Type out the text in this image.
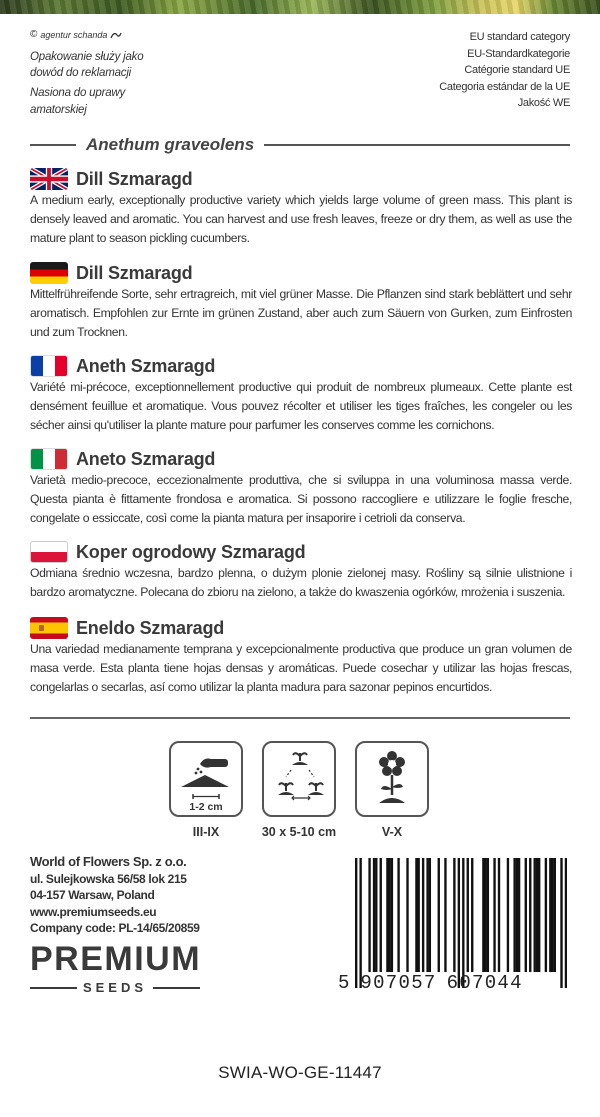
© agentur schanda
Opakowanie służy jako
dowód do reklamacji
Nasiona do uprawy
amatorskiej
EU standard category
EU-Standardkategorie
Catégorie standard UE
Categoria estándar de la UE
Jakość WE
Anethum graveolens
Dill Szmaragd
A medium early, exceptionally productive variety which yields large volume of green mass. This plant is densely leaved and aromatic. You can harvest and use fresh leaves, freeze or dry them, as well as use the mature plant to season pickling cucumbers.
Dill Szmaragd
Mittelfrühreifende Sorte, sehr ertragreich, mit viel grüner Masse. Die Pflanzen sind stark beblättert und sehr aromatisch. Empfohlen zur Ernte im grünen Zustand, aber auch zum Säuern von Gurken, zum Einfrosten und zum Trocknen.
Aneth Szmaragd
Variété mi-précoce, exceptionnellement productive qui produit de nombreux plumeaux. Cette plante est densément feuillue et aromatique. Vous pouvez récolter et utiliser les tiges fraîches, les congeler ou les sécher ainsi qu'utiliser la plante mature pour parfumer les conserves comme les cornichons.
Aneto Szmaragd
Varietà medio-precoce, eccezionalmente produttiva, che si sviluppa in una voluminosa massa verde. Questa pianta è fittamente frondosa e aromatica. Si possono raccogliere e utilizzare le foglie fresche, congelate o essiccate, così come la pianta matura per insaporire i cetrioli da conserva.
Koper ogrodowy Szmaragd
Odmiana średnio wczesna, bardzo plenna, o dużym plonie zielonej masy. Rośliny są silnie ulistnione i bardzo aromatyczne. Polecana do zbioru na zielono, a także do kwaszenia ogórków, mrożenia i suszenia.
Eneldo Szmaragd
Una variedad medianamente temprana y excepcionalmente productiva que produce un gran volumen de masa verde. Esta planta tiene hojas densas y aromáticas. Puede cosechar y utilizar las hojas frescas, congelarlas o secarlas, así como utilizar la planta madura para sazonar pepinos encurtidos.
1-2 cm
III-IX	30 x 5-10 cm	V-X
World of Flowers Sp. z o.o.
ul. Sulejkowska 56/58 lok 215
04-157 Warsaw, Poland
www.premiumseeds.eu
Company code: PL-14/65/20859
PREMIUM
SEEDS	5 907057 607044
SWIA-WO-GE-11447
